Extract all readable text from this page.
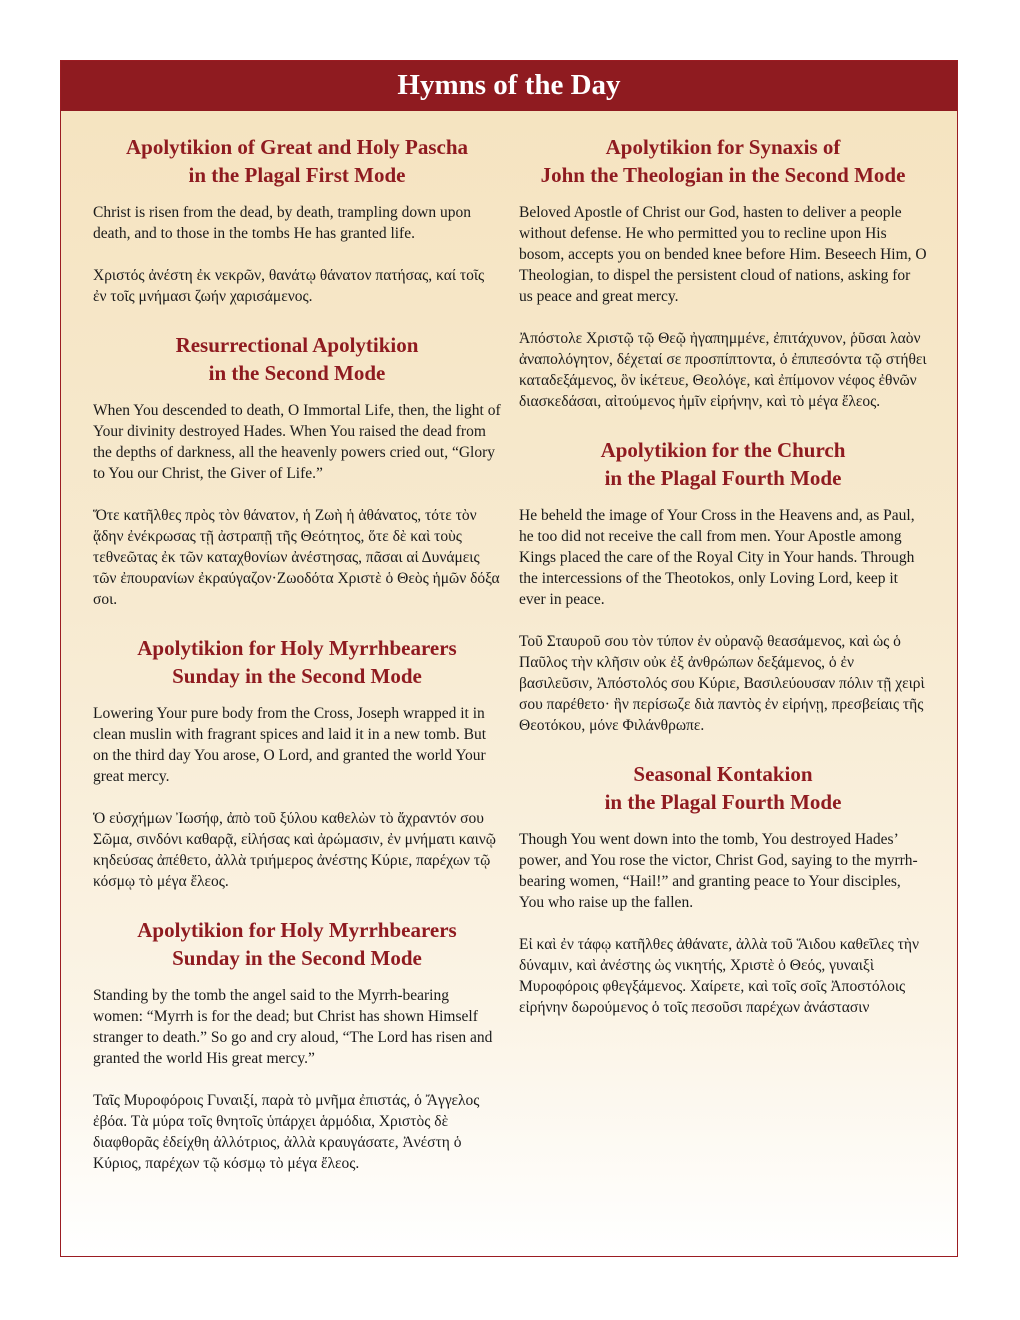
Hymns of the Day
Apolytikion of Great and Holy Pascha
in the Plagal First Mode

Christ is risen from the dead, by death, trampling down upon death, and to those in the tombs He has granted life.

Χριστός ἀνέστη ἐκ νεκρῶν, θανάτῳ θάνατον πατήσας, καί τοῖς ἐν τοῖς μνήμασι ζωήν χαρισάμενος.

Resurrectional Apolytikion
in the Second Mode

When You descended to death, O Immortal Life, then, the light of Your divinity destroyed Hades. When You raised the dead from the depths of darkness, all the heavenly powers cried out, “Glory to You our Christ, the Giver of Life.”

Ὅτε κατῆλθες πρὸς τὸν θάνατον, ἡ Ζωὴ ἡ ἀθάνατος, τότε τὸν ᾅδην ἐνέκρωσας τῇ ἀστραπῇ τῆς Θεότητος, ὅτε δὲ καὶ τοὺς τεθνεῶτας ἐκ τῶν καταχθονίων ἀνέστησας, πᾶσαι αἱ Δυνάμεις τῶν ἐπουρανίων ἐκραύγαζον·Ζωοδότα Χριστὲ ὁ Θεὸς ἡμῶν δόξα σοι.

Apolytikion for Holy Myrrhbearers
Sunday in the Second Mode

Lowering Your pure body from the Cross, Joseph wrapped it in clean muslin with fragrant spices and laid it in a new tomb. But on the third day You arose, O Lord, and granted the world Your great mercy.

Ὁ εὐσχήμων Ἰωσήφ, ἀπὸ τοῦ ξύλου καθελὼν τὸ ἄχραντόν σου Σῶμα, σινδόνι καθαρᾷ, εἱλήσας καὶ ἀρώμασιν, ἐν μνήματι καινῷ κηδεύσας ἀπέθετο, ἀλλὰ τριήμερος ἀνέστης Κύριε, παρέχων τῷ κόσμῳ τὸ μέγα ἔλεος.

Apolytikion for Holy Myrrhbearers
Sunday in the Second Mode

Standing by the tomb the angel said to the Myrrh-bearing women: “Myrrh is for the dead; but Christ has shown Himself stranger to death.” So go and cry aloud, “The Lord has risen and granted the world His great mercy.”

Ταῖς Μυροφόροις Γυναιξί, παρὰ τὸ μνῆμα ἐπιστάς, ὁ Ἄγγελος ἐβόα. Τὰ μύρα τοῖς θνητοῖς ὑπάρχει ἁρμόδια, Χριστὸς δὲ διαφθορᾶς ἐδείχθη ἀλλότριος, ἀλλὰ κραυγάσατε, Ἀνέστη ὁ Κύριος, παρέχων τῷ κόσμῳ τὸ μέγα ἔλεος.

Apolytikion for Synaxis of
John the Theologian in the Second Mode

Beloved Apostle of Christ our God, hasten to deliver a people without defense. He who permitted you to recline upon His bosom, accepts you on bended knee before Him. Beseech Him, O Theologian, to dispel the persistent cloud of nations, asking for us peace and great mercy.

Ἀπόστολε Χριστῷ τῷ Θεῷ ἠγαπημμένε, ἐπιτάχυνον, ῥῦσαι λαὸν ἀναπολόγητον, δέχεταί σε προσπίπτοντα, ὁ ἐπιπεσόντα τῷ στήθει καταδεξάμενος, ὃν ἱκέτευε, Θεολόγε, καὶ ἐπίμονον νέφος ἐθνῶν διασκεδάσαι, αἰτούμενος ἡμῖν εἰρήνην, καὶ τὸ μέγα ἔλεος.

Apolytikion for the Church
in the Plagal Fourth Mode

He beheld the image of Your Cross in the Heavens and, as Paul, he too did not receive the call from men. Your Apostle among Kings placed the care of the Royal City in Your hands. Through the intercessions of the Theotokos, only Loving Lord, keep it ever in peace.

Τοῦ Σταυροῦ σου τὸν τύπον ἐν οὐρανῷ θεασάμενος, καὶ ὡς ὁ Παῦλος τὴν κλῆσιν οὐκ ἐξ ἀνθρώπων δεξάμενος, ὁ ἐν βασιλεῦσιν, Ἀπόστολός σου Κύριε, Βασιλεύουσαν πόλιν τῇ χειρὶ σου παρέθετο· ἣν περίσωζε διὰ παντὸς ἐν εἰρήνῃ, πρεσβείαις τῆς Θεοτόκου, μόνε Φιλάνθρωπε.

Seasonal Kontakion
in the Plagal Fourth Mode

Though You went down into the tomb, You destroyed Hades’ power, and You rose the victor, Christ God, saying to the myrrh-bearing women, “Hail!” and granting peace to Your disciples, You who raise up the fallen.

Εἰ καὶ ἐν τάφῳ κατῆλθες ἀθάνατε, ἀλλὰ τοῦ Ἅιδου καθεῖλες τὴν δύναμιν, καὶ ἀνέστης ὡς νικητής, Χριστὲ ὁ Θεός, γυναιξὶ Μυροφόροις φθεγξάμενος. Χαίρετε, καὶ τοῖς σοῖς Ἀποστόλοις εἰρήνην δωρούμενος ὁ τοῖς πεσοῦσι παρέχων ἀνάστασιν
